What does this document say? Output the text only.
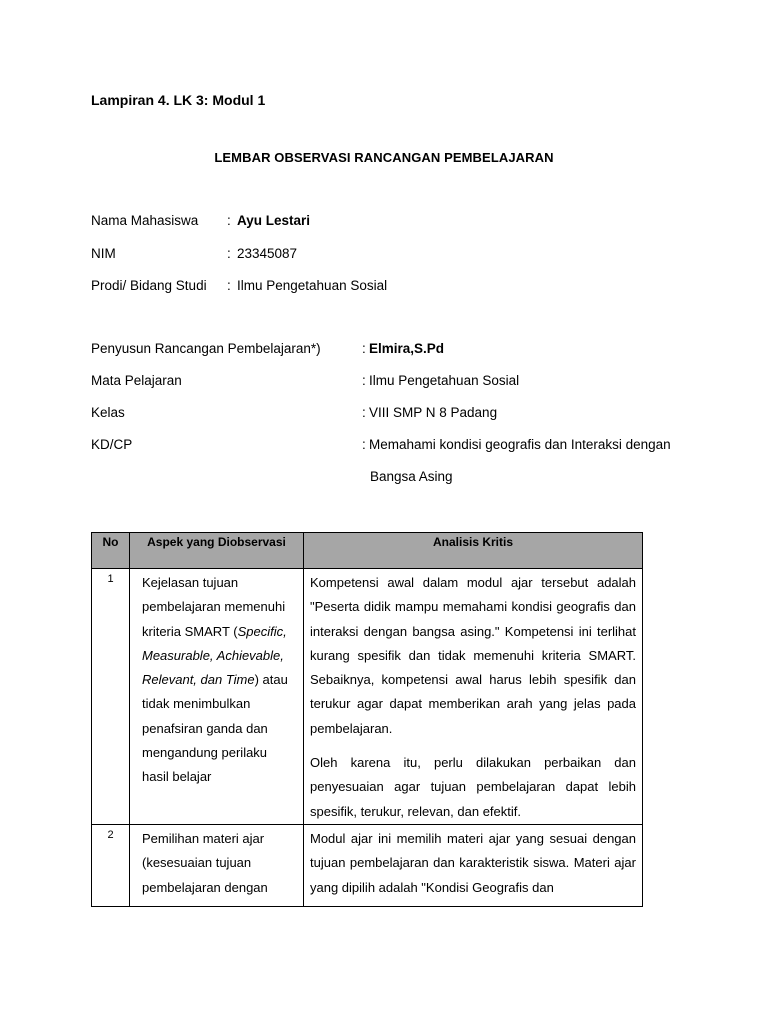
Lampiran 4. LK 3: Modul 1
LEMBAR OBSERVASI RANCANGAN PEMBELAJARAN
Nama Mahasiswa : Ayu Lestari
NIM	: 23345087
Prodi/ Bidang Studi : Ilmu Pengetahuan Sosial
Penyusun Rancangan Pembelajaran*)	: Elmira,S.Pd
Mata Pelajaran	: Ilmu Pengetahuan Sosial
Kelas	: VIII SMP N 8 Padang
KD/CP	: Memahami kondisi geografis dan Interaksi dengan
Bangsa Asing
No	Aspek yang Diobservasi	Analisis Kritis
1	Kejelasan tujuan pembelajaran memenuhi kriteria SMART (Specific, Measurable, Achievable, Relevant, dan Time) atau tidak menimbulkan penafsiran ganda dan mengandung perilaku hasil belajar	Kompetensi awal dalam modul ajar tersebut adalah "Peserta didik mampu memahami kondisi geografis dan interaksi dengan bangsa asing." Kompetensi ini terlihat kurang spesifik dan tidak memenuhi kriteria SMART. Sebaiknya, kompetensi awal harus lebih spesifik dan terukur agar dapat memberikan arah yang jelas pada pembelajaran.

Oleh karena itu, perlu dilakukan perbaikan dan penyesuaian agar tujuan pembelajaran dapat lebih spesifik, terukur, relevan, dan efektif.

2	Pemilihan materi ajar (kesesuaian tujuan pembelajaran dengan	Modul ajar ini memilih materi ajar yang sesuai dengan tujuan pembelajaran dan karakteristik siswa. Materi ajar yang dipilih adalah "Kondisi Geografis dan
